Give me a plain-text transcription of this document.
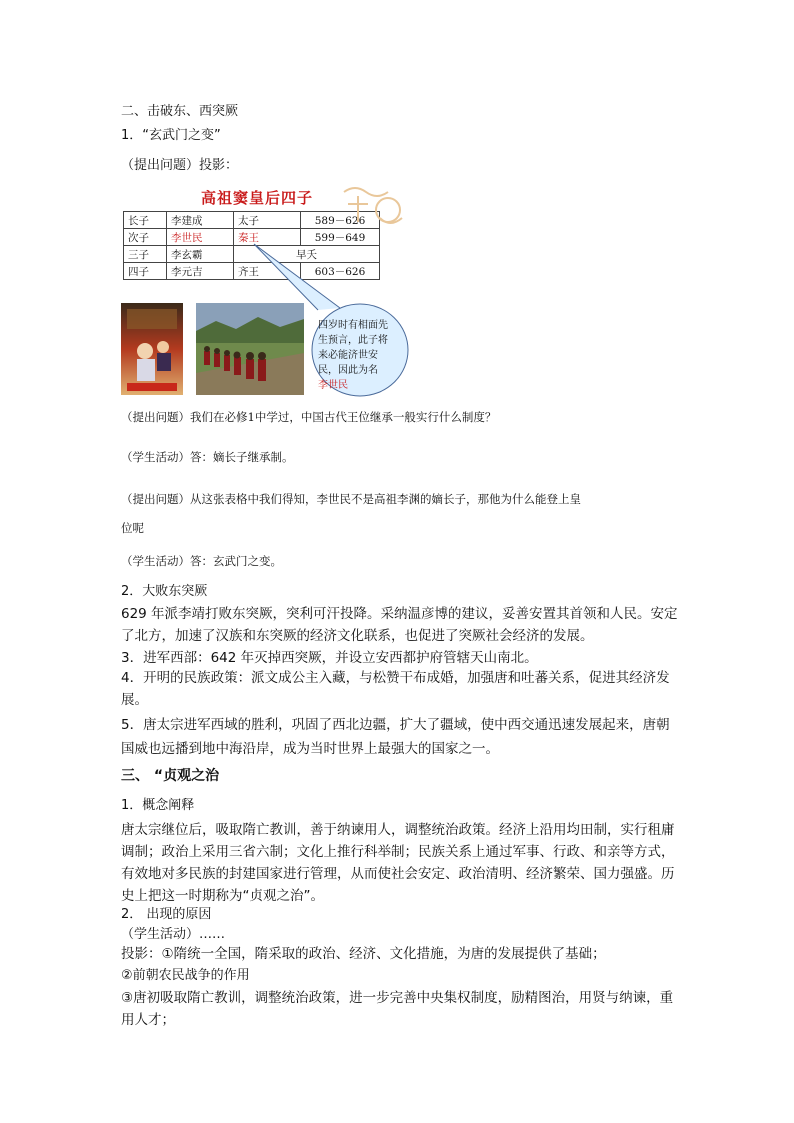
二、击破东、西突厥
1．“玄武门之变”
（提出问题）投影：
高祖窦皇后四子
长子	李建成	太子	589－626
次子	李世民	秦王	599－649
三子	李玄霸	早夭	
四子	李元吉	齐王	603－626
四岁时有相面先
生预言，此子将
来必能济世安
民，因此为名
李世民
（提出问题）我们在必修1中学过，中国古代王位继承一般实行什么制度？
（学生活动）答：嫡长子继承制。
（提出问题）从这张表格中我们得知，李世民不是高祖李渊的嫡长子，那他为什么能登上皇
位呢
（学生活动）答：玄武门之变。
2．大败东突厥
629 年派李靖打败东突厥，突利可汗投降。采纳温彦博的建议，妥善安置其首领和人民。安定了北方，加速了汉族和东突厥的经济文化联系，也促进了突厥社会经济的发展。
3．进军西部：642 年灭掉西突厥，并设立安西都护府管辖天山南北。
4．开明的民族政策：派文成公主入藏，与松赞干布成婚，加强唐和吐蕃关系，促进其经济发展。
5．唐太宗进军西域的胜利，巩固了西北边疆，扩大了疆域，使中西交通迅速发展起来，唐朝国威也远播到地中海沿岸，成为当时世界上最强大的国家之一。
三、 “贞观之治
1．概念阐释
唐太宗继位后，吸取隋亡教训，善于纳谏用人，调整统治政策。经济上沿用均田制，实行租庸调制；政治上采用三省六制；文化上推行科举制；民族关系上通过军事、行政、和亲等方式，有效地对多民族的封建国家进行管理，从而使社会安定、政治清明、经济繁荣、国力强盛。历史上把这一时期称为“贞观之治”。
2． 出现的原因
（学生活动）……
投影：①隋统一全国，隋采取的政治、经济、文化措施，为唐的发展提供了基础；
②前朝农民战争的作用
③唐初吸取隋亡教训，调整统治政策，进一步完善中央集权制度，励精图治，用贤与纳谏，重用人才；
